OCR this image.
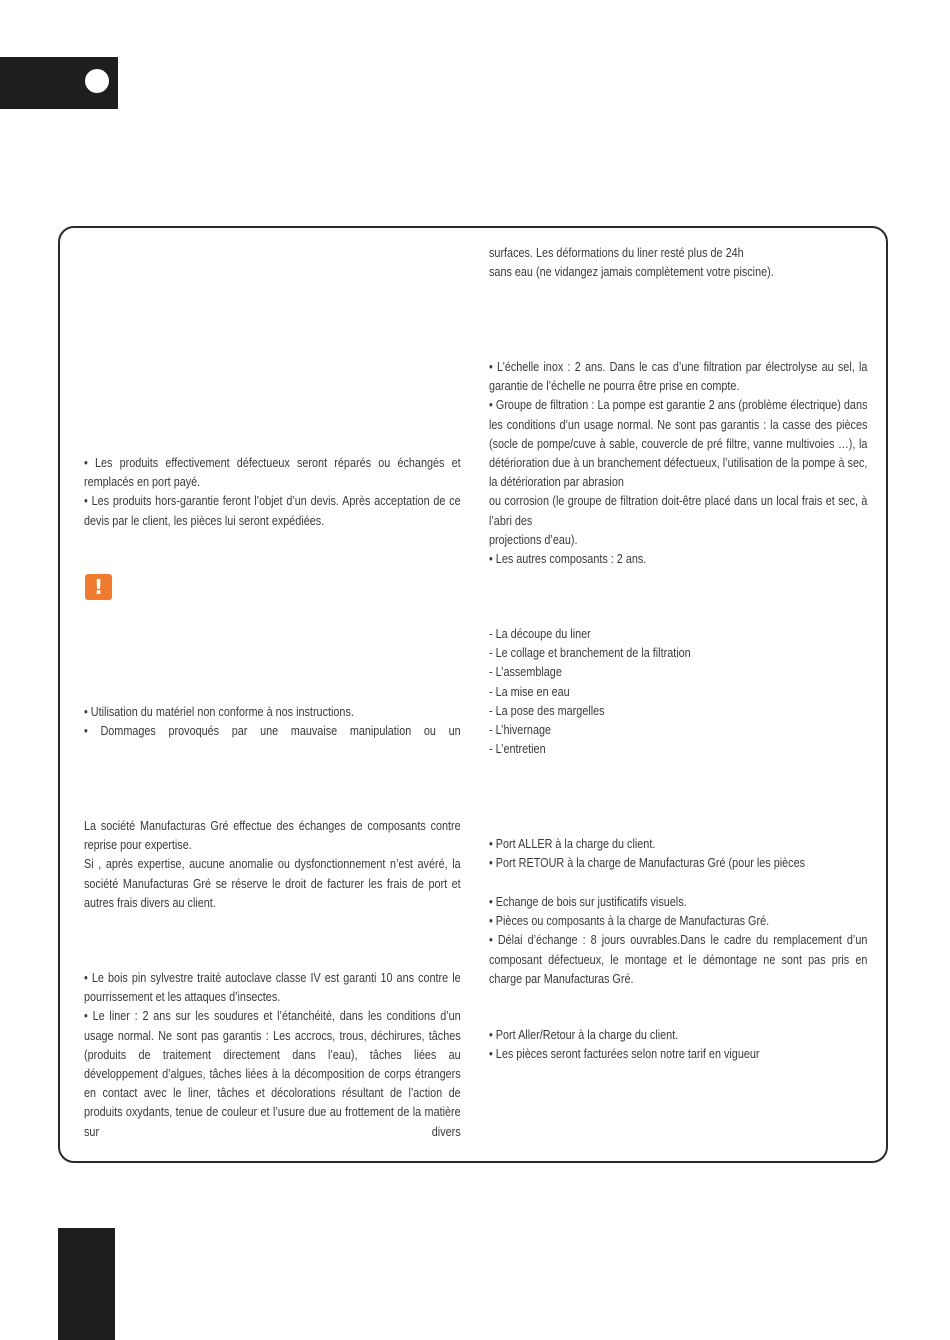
• Les produits effectivement défectueux seront réparés ou échangés et remplacés en port payé.
• Les produits hors-garantie feront l’objet d’un devis. Après acceptation de ce devis par le client, les pièces lui seront expédiées.

!

• Utilisation du matériel non conforme à nos instructions.
• Dommages provoqués par une mauvaise manipulation ou un

La société Manufacturas Gré effectue des échanges de composants contre reprise pour expertise.
Si , après expertise, aucune anomalie ou dysfonctionnement n’est avéré, la société Manufacturas Gré se réserve le droit de facturer les frais de port et autres frais divers au client.

• Le bois pin sylvestre traité autoclave classe IV est garanti 10 ans contre le pourrissement et les attaques d’insectes.
• Le liner : 2 ans sur les soudures et l’étanchéité, dans les conditions d’un usage normal. Ne sont pas garantis : Les accrocs, trous, déchirures, tâches (produits de traitement directement dans l’eau), tâches liées au développement d’algues, tâches liées à la décomposition de corps étrangers en contact avec le liner, tâches et décolorations résultant de l’action de produits oxydants, tenue de couleur et l’usure due au frottement de la matière sur divers

surfaces. Les déformations du liner resté plus de 24h
sans eau (ne vidangez jamais complètement votre piscine).

• L’échelle inox : 2 ans. Dans le cas d’une filtration par électrolyse au sel, la garantie de l’échelle ne pourra être prise en compte.
• Groupe de filtration : La pompe est garantie 2 ans (problème électrique) dans les conditions d’un usage normal. Ne sont pas garantis : la casse des pièces (socle de pompe/cuve à sable, couvercle de pré filtre, vanne multivoies …), la détérioration due à un branchement défectueux, l’utilisation de la pompe à sec, la détérioration par abrasion
ou corrosion (le groupe de filtration doit-être placé dans un local frais et sec, à l’abri des
projections d’eau).
• Les autres composants : 2 ans.

- La découpe du liner
- Le collage et branchement de la filtration
- L’assemblage
- La mise en eau
- La pose des margelles
- L’hivernage
- L’entretien

• Port ALLER à la charge du client.
• Port RETOUR à la charge de Manufacturas Gré (pour les pièces

• Echange de bois sur justificatifs visuels.
• Pièces ou composants à la charge de Manufacturas Gré.
• Délai d’échange : 8 jours ouvrables.Dans le cadre du remplacement d’un composant défectueux, le montage et le démontage ne sont pas pris en charge par Manufacturas Gré.

• Port Aller/Retour à la charge du client.
• Les pièces seront facturées selon notre tarif en vigueur
